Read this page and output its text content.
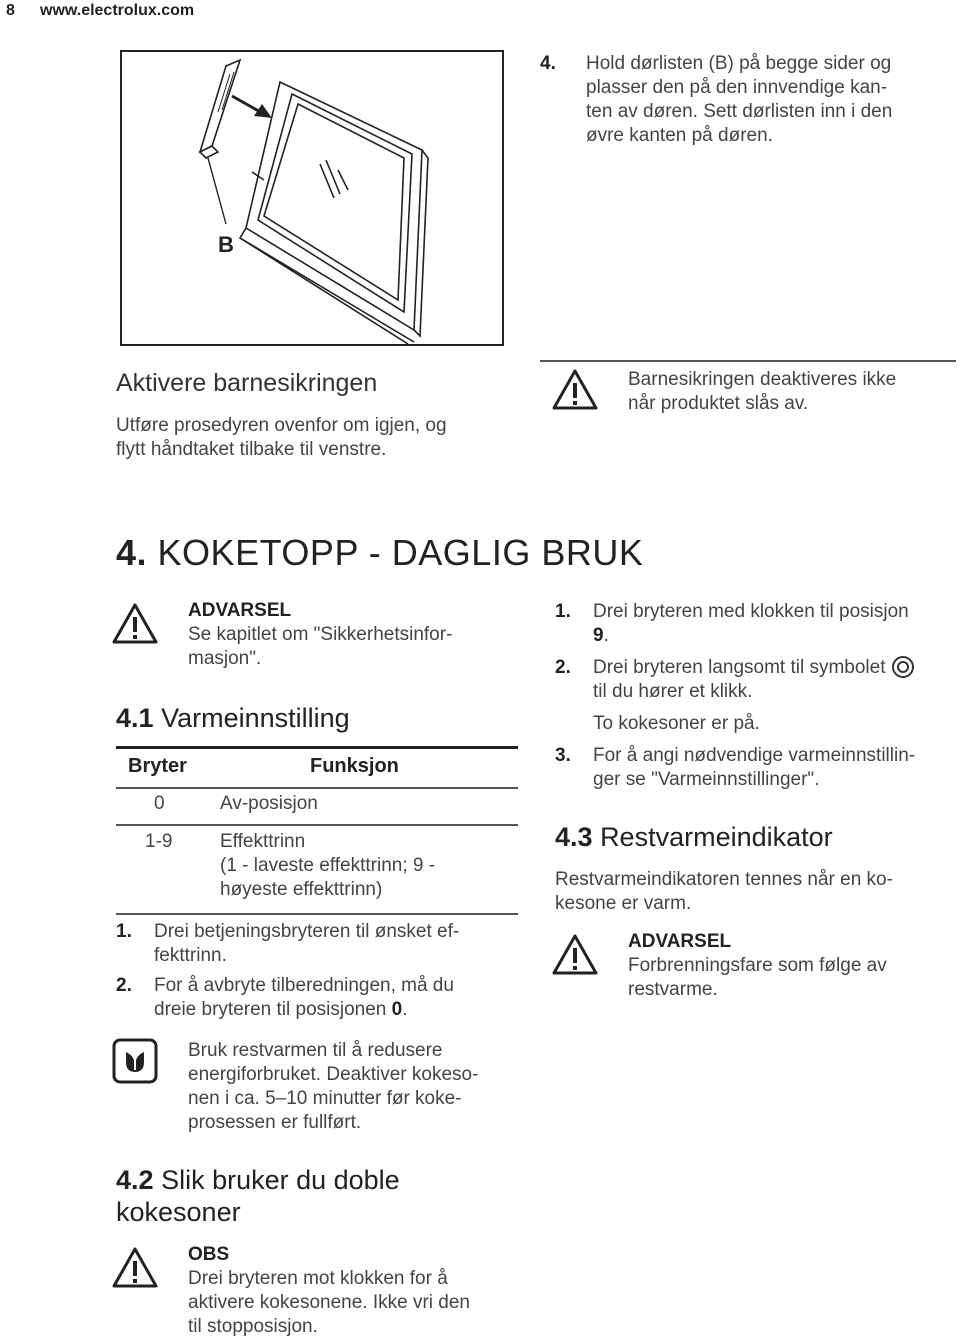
8 www.electrolux.com
B
4. Hold dørlisten (B) på begge sider og
plasser den på den innvendige kan-
ten av døren. Sett dørlisten inn i den
øvre kanten på døren.
Barnesikringen deaktiveres ikke
når produktet slås av.
Aktivere barnesikringen
Utføre prosedyren ovenfor om igjen, og
flytt håndtaket tilbake til venstre.
4. KOKETOPP - DAGLIG BRUK
ADVARSEL
Se kapitlet om "Sikkerhetsinfor-
masjon".
4.1 Varmeinnstilling
Bryter	Funksjon
0	Av-posisjon
1-9	Effekttrinn
(1 - laveste effekttrinn; 9 -
høyeste effekttrinn)
1. Drei betjeningsbryteren til ønsket ef-
fekttrinn.
2. For å avbryte tilberedningen, må du
dreie bryteren til posisjonen 0.
Bruk restvarmen til å redusere
energiforbruket. Deaktiver kokeso-
nen i ca. 5–10 minutter før koke-
prosessen er fullført.
4.2 Slik bruker du doble
kokesoner
OBS
Drei bryteren mot klokken for å
aktivere kokesonene. Ikke vri den
til stopposisjon.
1. Drei bryteren med klokken til posisjon
9.
2. Drei bryteren langsomt til symbolet
til du hører et klikk.
To kokesoner er på.
3. For å angi nødvendige varmeinnstillin-
ger se "Varmeinnstillinger".
4.3 Restvarmeindikator
Restvarmeindikatoren tennes når en ko-
kesone er varm.
ADVARSEL
Forbrenningsfare som følge av
restvarme.
